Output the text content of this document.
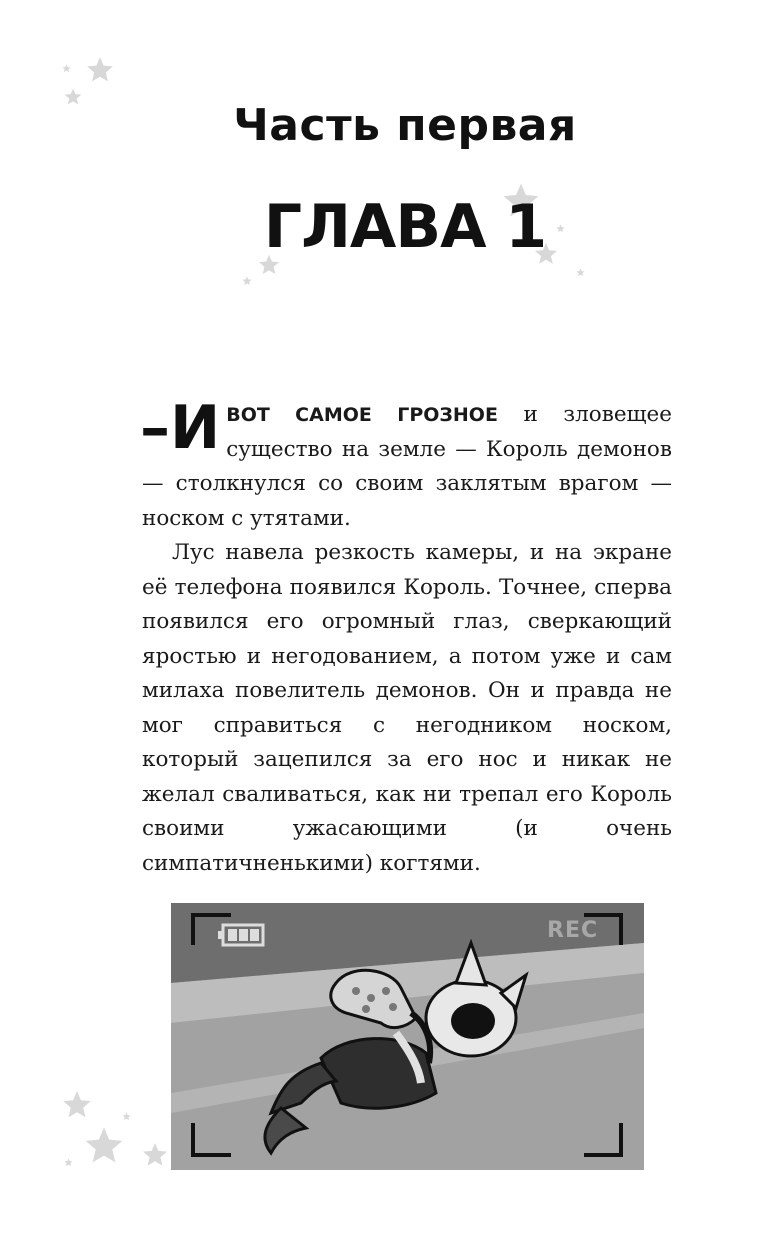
Часть первая
ГЛАВА 1

–И ВОТ САМОЕ ГРОЗНОЕ и зловещее существо на земле — Король демонов — столкнулся со своим заклятым врагом — носком с утятами.

Лус навела резкость камеры, и на экране её телефона появился Король. Точнее, сперва появился его огромный глаз, сверкающий яростью и негодованием, а потом уже и сам милаха повелитель демонов. Он и правда не мог справиться с негодником носком, который зацепился за его нос и никак не желал сваливаться, как ни трепал его Король своими ужасающими (и очень симпатичненькими) когтями.

REC
